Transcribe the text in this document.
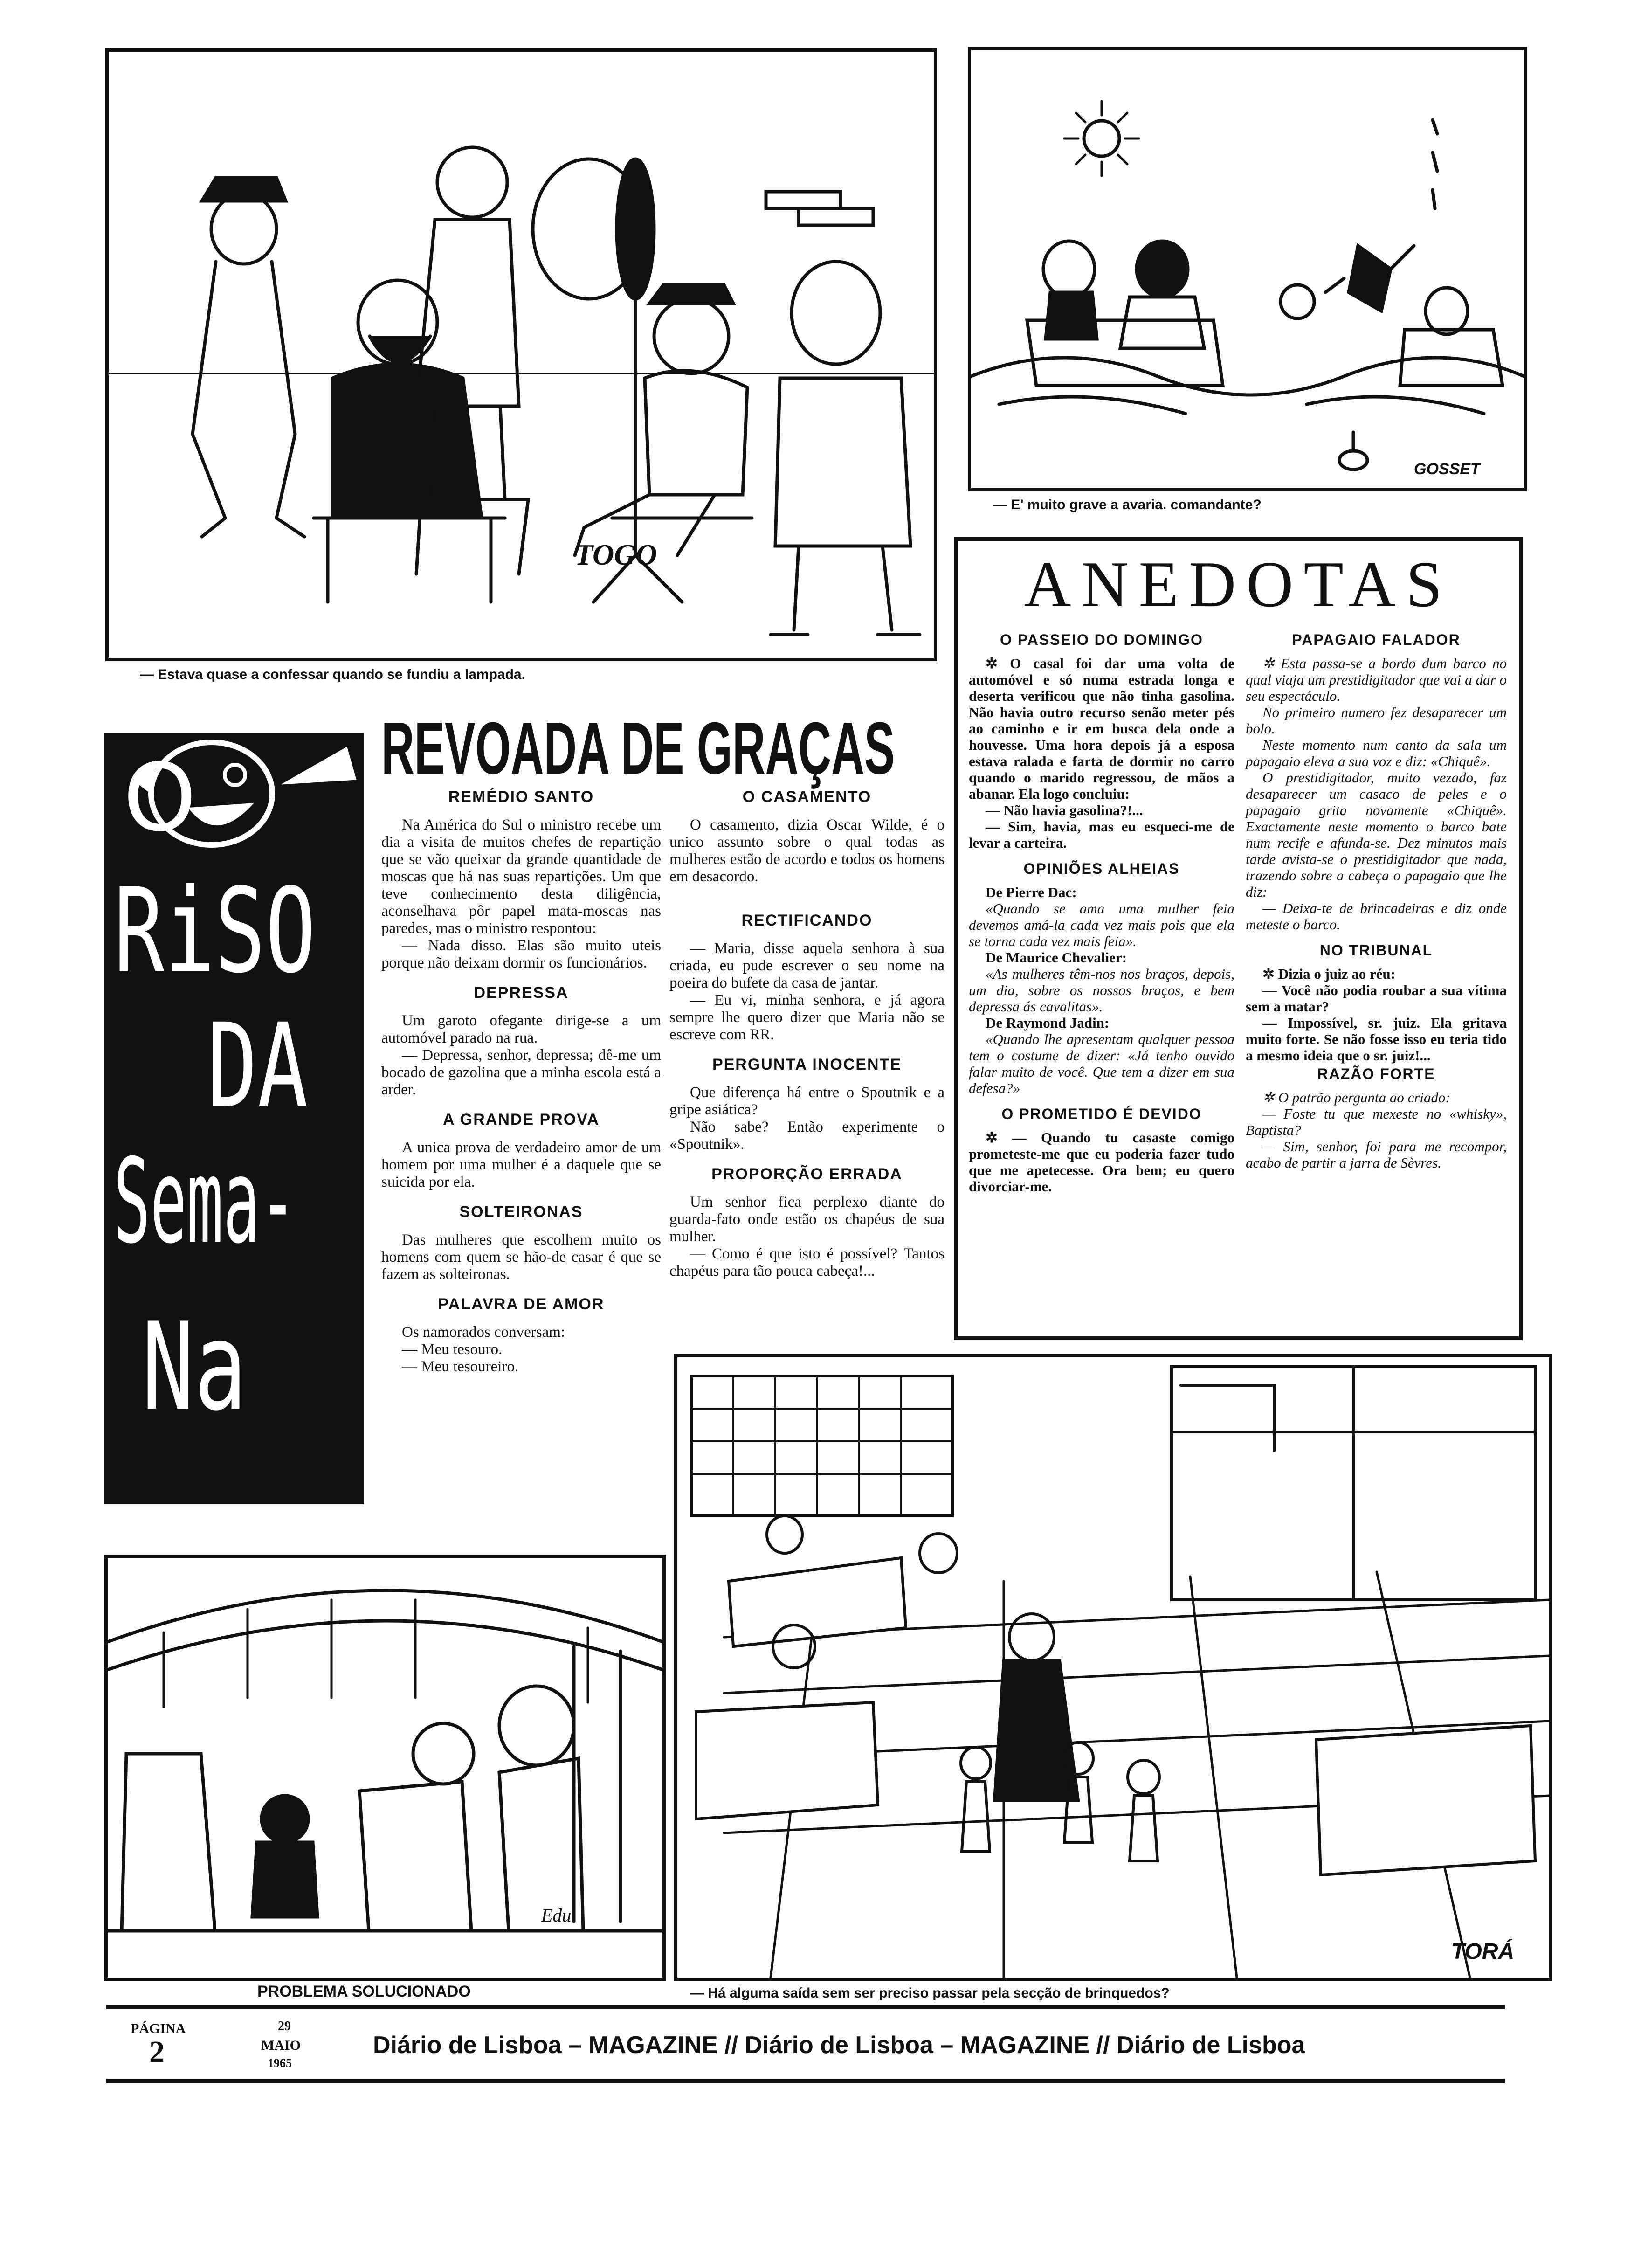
TOGO
— Estava quase a confessar quando se fundiu a lampada.
GOSSET
— E' muito grave a avaria. comandante?
ANEDOTAS
O PASSEIO DO DOMINGO

✲ O casal foi dar uma volta de automóvel e só numa estrada longa e deserta verificou que não tinha gasolina. Não havia outro recurso senão meter pés ao caminho e ir em busca dela onde a houvesse. Uma hora depois já a esposa estava ralada e farta de dormir no carro quando o marido regressou, de mãos a abanar. Ela logo concluiu:

— Não havia gasolina?!...

— Sim, havia, mas eu esqueci-me de levar a carteira.

OPINIÕES ALHEIAS

De Pierre Dac:

«Quando se ama uma mulher feia devemos amá-la cada vez mais pois que ela se torna cada vez mais feia».

De Maurice Chevalier:

«As mulheres têm-nos nos braços, depois, um dia, sobre os nossos braços, e bem depressa ás cavalitas».

De Raymond Jadin:

«Quando lhe apresentam qualquer pessoa tem o costume de dizer: «Já tenho ouvido falar muito de você. Que tem a dizer em sua defesa?»

O PROMETIDO É DEVIDO

✲ — Quando tu casaste comigo prometeste-me que eu poderia fazer tudo que me apetecesse. Ora bem; eu quero divorciar-me.

PAPAGAIO FALADOR

✲ Esta passa-se a bordo dum barco no qual viaja um prestidigitador que vai a dar o seu espectáculo.

No primeiro numero fez desaparecer um bolo.

Neste momento num canto da sala um papagaio eleva a sua voz e diz: «Chiquê».

O prestidigitador, muito vezado, faz desaparecer um casaco de peles e o papagaio grita novamente «Chiquê». Exactamente neste momento o barco bate num recife e afunda-se. Dez minutos mais tarde avista-se o prestidigitador que nada, trazendo sobre a cabeça o papagaio que lhe diz:

— Deixa-te de brincadeiras e diz onde meteste o barco.

NO TRIBUNAL

✲ Dizia o juiz ao réu:

— Você não podia roubar a sua vítima sem a matar?

— Impossível, sr. juiz. Ela gritava muito forte. Se não fosse isso eu teria tido a mesmo ideia que o sr. juiz!...

RAZÃO FORTE

✲ O patrão pergunta ao criado:

— Foste tu que mexeste no «whisky», Baptista?

— Sim, senhor, foi para me recompor, acabo de partir a jarra de Sèvres.

O
RiSO
DA
Sema-
Na
REVOADA DE GRAÇAS
REMÉDIO SANTO

Na América do Sul o ministro recebe um dia a visita de muitos chefes de repartição que se vão queixar da grande quantidade de moscas que há nas suas repartições. Um que teve conhecimento desta diligência, aconselhava pôr papel mata-moscas nas paredes, mas o ministro respontou:

— Nada disso. Elas são muito uteis porque não deixam dormir os funcionários.

DEPRESSA

Um garoto ofegante dirige-se a um automóvel parado na rua.

— Depressa, senhor, depressa; dê-me um bocado de gazolina que a minha escola está a arder.

A GRANDE PROVA

A unica prova de verdadeiro amor de um homem por uma mulher é a daquele que se suicida por ela.

SOLTEIRONAS

Das mulheres que escolhem muito os homens com quem se hão-de casar é que se fazem as solteironas.

PALAVRA DE AMOR

Os namorados conversam:

— Meu tesouro.

— Meu tesoureiro.

O CASAMENTO

O casamento, dizia Oscar Wilde, é o unico assunto sobre o qual todas as mulheres estão de acordo e todos os homens em desacordo.

RECTIFICANDO

— Maria, disse aquela senhora à sua criada, eu pude escrever o seu nome na poeira do bufete da casa de jantar.

— Eu vi, minha senhora, e já agora sempre lhe quero dizer que Maria não se escreve com RR.

PERGUNTA INOCENTE

Que diferença há entre o Spoutnik e a gripe asiática?

Não sabe? Então experimente o «Spoutnik».

PROPORÇÃO ERRADA

Um senhor fica perplexo diante do guarda-fato onde estão os chapéus de sua mulher.

— Como é que isto é possível? Tantos chapéus para tão pouca cabeça!...

Edu
PROBLEMA SOLUCIONADO
TORÁ
— Há alguma saída sem ser preciso passar pela secção de brinquedos?
PÁGINA
2
29
MAIO
1965
Diário de Lisboa – MAGAZINE // Diário de Lisboa – MAGAZINE // Diário de Lisboa
